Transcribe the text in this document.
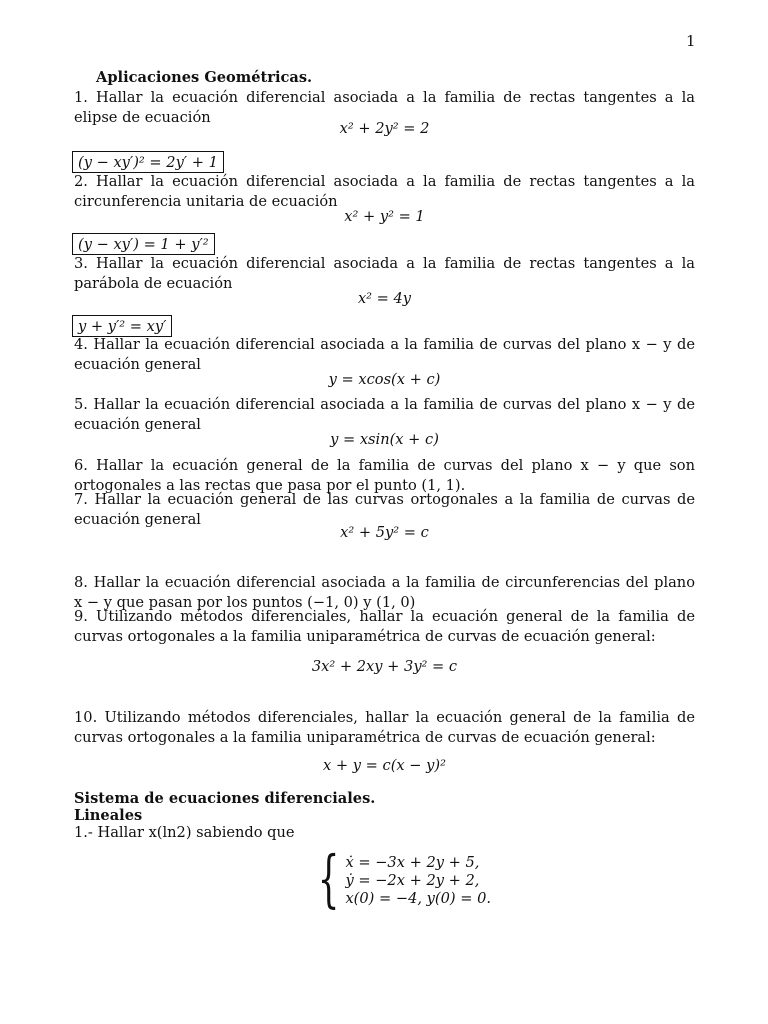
1
Aplicaciones Geométricas.
1. Hallar la ecuación diferencial asociada a la familia de rectas tangentes a la elipse de ecuación
x² + 2y² = 2
(y − xy′)² = 2y′ + 1
2. Hallar la ecuación diferencial asociada a la familia de rectas tangentes a la circunferencia unitaria de ecuación
x² + y² = 1
(y − xy′) = 1 + y′²
3. Hallar la ecuación diferencial asociada a la familia de rectas tangentes a la parábola de ecuación
x² = 4y
y + y′² = xy′
4. Hallar la ecuación diferencial asociada a la familia de curvas del plano x − y de ecuación general
y = xcos(x + c)
5. Hallar la ecuación diferencial asociada a la familia de curvas del plano x − y de ecuación general
y = xsin(x + c)
6. Hallar la ecuación general de la familia de curvas del plano x − y que son ortogonales a las rectas que pasa por el punto (1, 1).
7. Hallar la ecuación general de las curvas ortogonales a la familia de curvas de ecuación general
x² + 5y² = c
8. Hallar la ecuación diferencial asociada a la familia de circunferencias del plano x − y que pasan por los puntos (−1, 0) y (1, 0)
9. Utilizando métodos diferenciales, hallar la ecuación general de la familia de curvas ortogonales a la familia uniparamétrica de curvas de ecuación general:
3x² + 2xy + 3y² = c
10. Utilizando métodos diferenciales, hallar la ecuación general de la familia de curvas ortogonales a la familia uniparamétrica de curvas de ecuación general:
x + y = c(x − y)²
Sistema de ecuaciones diferenciales.
Lineales
1.- Hallar x(ln2) sabiendo que
{ ẋ = −3x + 2y + 5,
ẏ = −2x + 2y + 2,
x(0) = −4, y(0) = 0.
